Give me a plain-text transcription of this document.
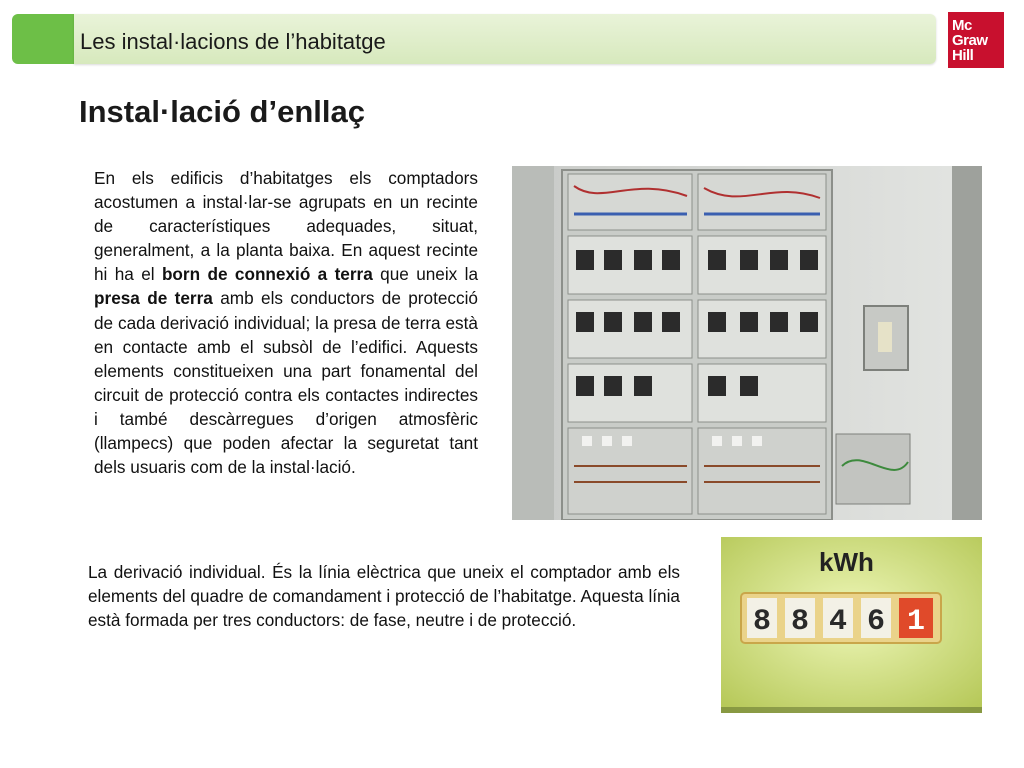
Les instal·lacions de l’habitatge
Mc
Graw
Hill
Instal·lació d’enllaç
En els edificis d’habitatges els comptadors acostumen a instal·lar-se agrupats en un recinte de característiques adequades, situat, generalment, a la planta baixa. En aquest recinte hi ha el born de connexió a terra que uneix la presa de terra amb els conductors de protecció de cada derivació individual; la presa de terra està en contacte amb el subsòl de l’edifici. Aquests elements constitueixen una part fonamental del circuit de protecció contra els contactes indirectes i també descàrregues d’origen atmosfèric (llampecs) que poden afectar la seguretat tant dels usuaris com de la instal·lació.
La derivació individual. És la línia elèctrica que uneix el comptador amb els elements del quadre de comandament i protecció de l’habitatge. Aquesta línia està formada per tres conductors: de fase, neutre i de protecció.
kWh
8 8 4 6 1
